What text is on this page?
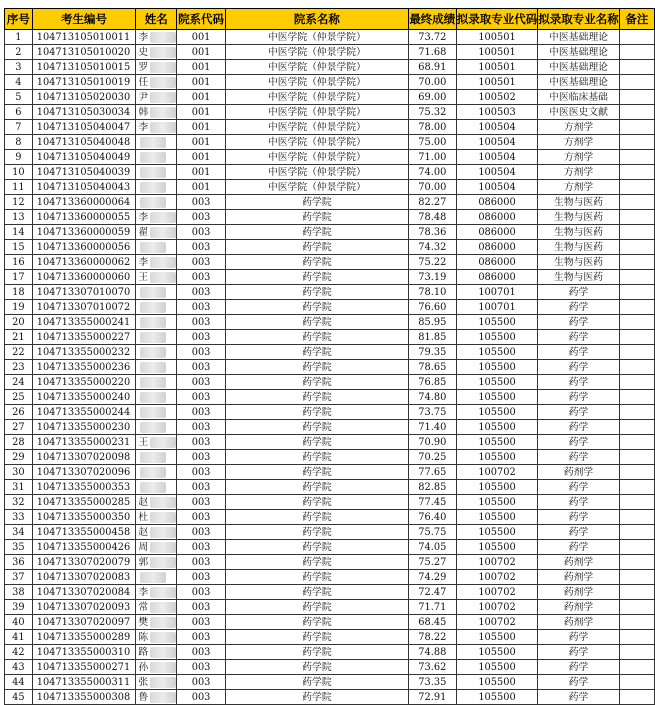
序号	考生编号	姓名	院系代码	院系名称	最终成绩	拟录取专业代码	拟录取专业名称	备注
1	104713105010011	李	001	中医学院（仲景学院）	73.72	100501	中医基础理论	
2	104713105010020	史	001	中医学院（仲景学院）	71.68	100501	中医基础理论	
3	104713105010015	罗	001	中医学院（仲景学院）	68.91	100501	中医基础理论	
4	104713105010019	任	001	中医学院（仲景学院）	70.00	100501	中医基础理论	
5	104713105020030	尹	001	中医学院（仲景学院）	69.00	100502	中医临床基础	
6	104713105030034	韩	001	中医学院（仲景学院）	75.32	100503	中医医史文献	
7	104713105040047	李	001	中医学院（仲景学院）	78.00	100504	方剂学	
8	104713105040048		001	中医学院（仲景学院）	75.00	100504	方剂学	
9	104713105040049		001	中医学院（仲景学院）	71.00	100504	方剂学	
10	104713105040039		001	中医学院（仲景学院）	74.00	100504	方剂学	
11	104713105040043		001	中医学院（仲景学院）	70.00	100504	方剂学	
12	104713360000064		003	药学院	82.27	086000	生物与医药	
13	104713360000055	李	003	药学院	78.48	086000	生物与医药	
14	104713360000059	翟	003	药学院	78.36	086000	生物与医药	
15	104713360000056		003	药学院	74.32	086000	生物与医药	
16	104713360000062	李	003	药学院	75.22	086000	生物与医药	
17	104713360000060	王	003	药学院	73.19	086000	生物与医药	
18	104713307010070		003	药学院	78.10	100701	药学	
19	104713307010072		003	药学院	76.60	100701	药学	
20	104713355000241		003	药学院	85.95	105500	药学	
21	104713355000227		003	药学院	81.85	105500	药学	
22	104713355000232		003	药学院	79.35	105500	药学	
23	104713355000236		003	药学院	78.65	105500	药学	
24	104713355000220		003	药学院	76.85	105500	药学	
25	104713355000240		003	药学院	74.80	105500	药学	
26	104713355000244		003	药学院	73.75	105500	药学	
27	104713355000230		003	药学院	71.40	105500	药学	
28	104713355000231	王	003	药学院	70.90	105500	药学	
29	104713307020098		003	药学院	70.25	105500	药学	
30	104713307020096		003	药学院	77.65	100702	药剂学	
31	104713355000353		003	药学院	82.85	105500	药学	
32	104713355000285	赵	003	药学院	77.45	105500	药学	
33	104713355000350	杜	003	药学院	76.40	105500	药学	
34	104713355000458	赵	003	药学院	75.75	105500	药学	
35	104713355000426	周	003	药学院	74.05	105500	药学	
36	104713307020079	郭	003	药学院	75.27	100702	药剂学	
37	104713307020083		003	药学院	74.29	100702	药剂学	
38	104713307020084	李	003	药学院	72.47	100702	药剂学	
39	104713307020093	常	003	药学院	71.71	100702	药剂学	
40	104713307020097	樊	003	药学院	68.45	100702	药剂学	
41	104713355000289	陈	003	药学院	78.22	105500	药学	
42	104713355000310	路	003	药学院	74.88	105500	药学	
43	104713355000271	孙	003	药学院	73.62	105500	药学	
44	104713355000311	张	003	药学院	73.35	105500	药学	
45	104713355000308	鲁	003	药学院	72.91	105500	药学	
